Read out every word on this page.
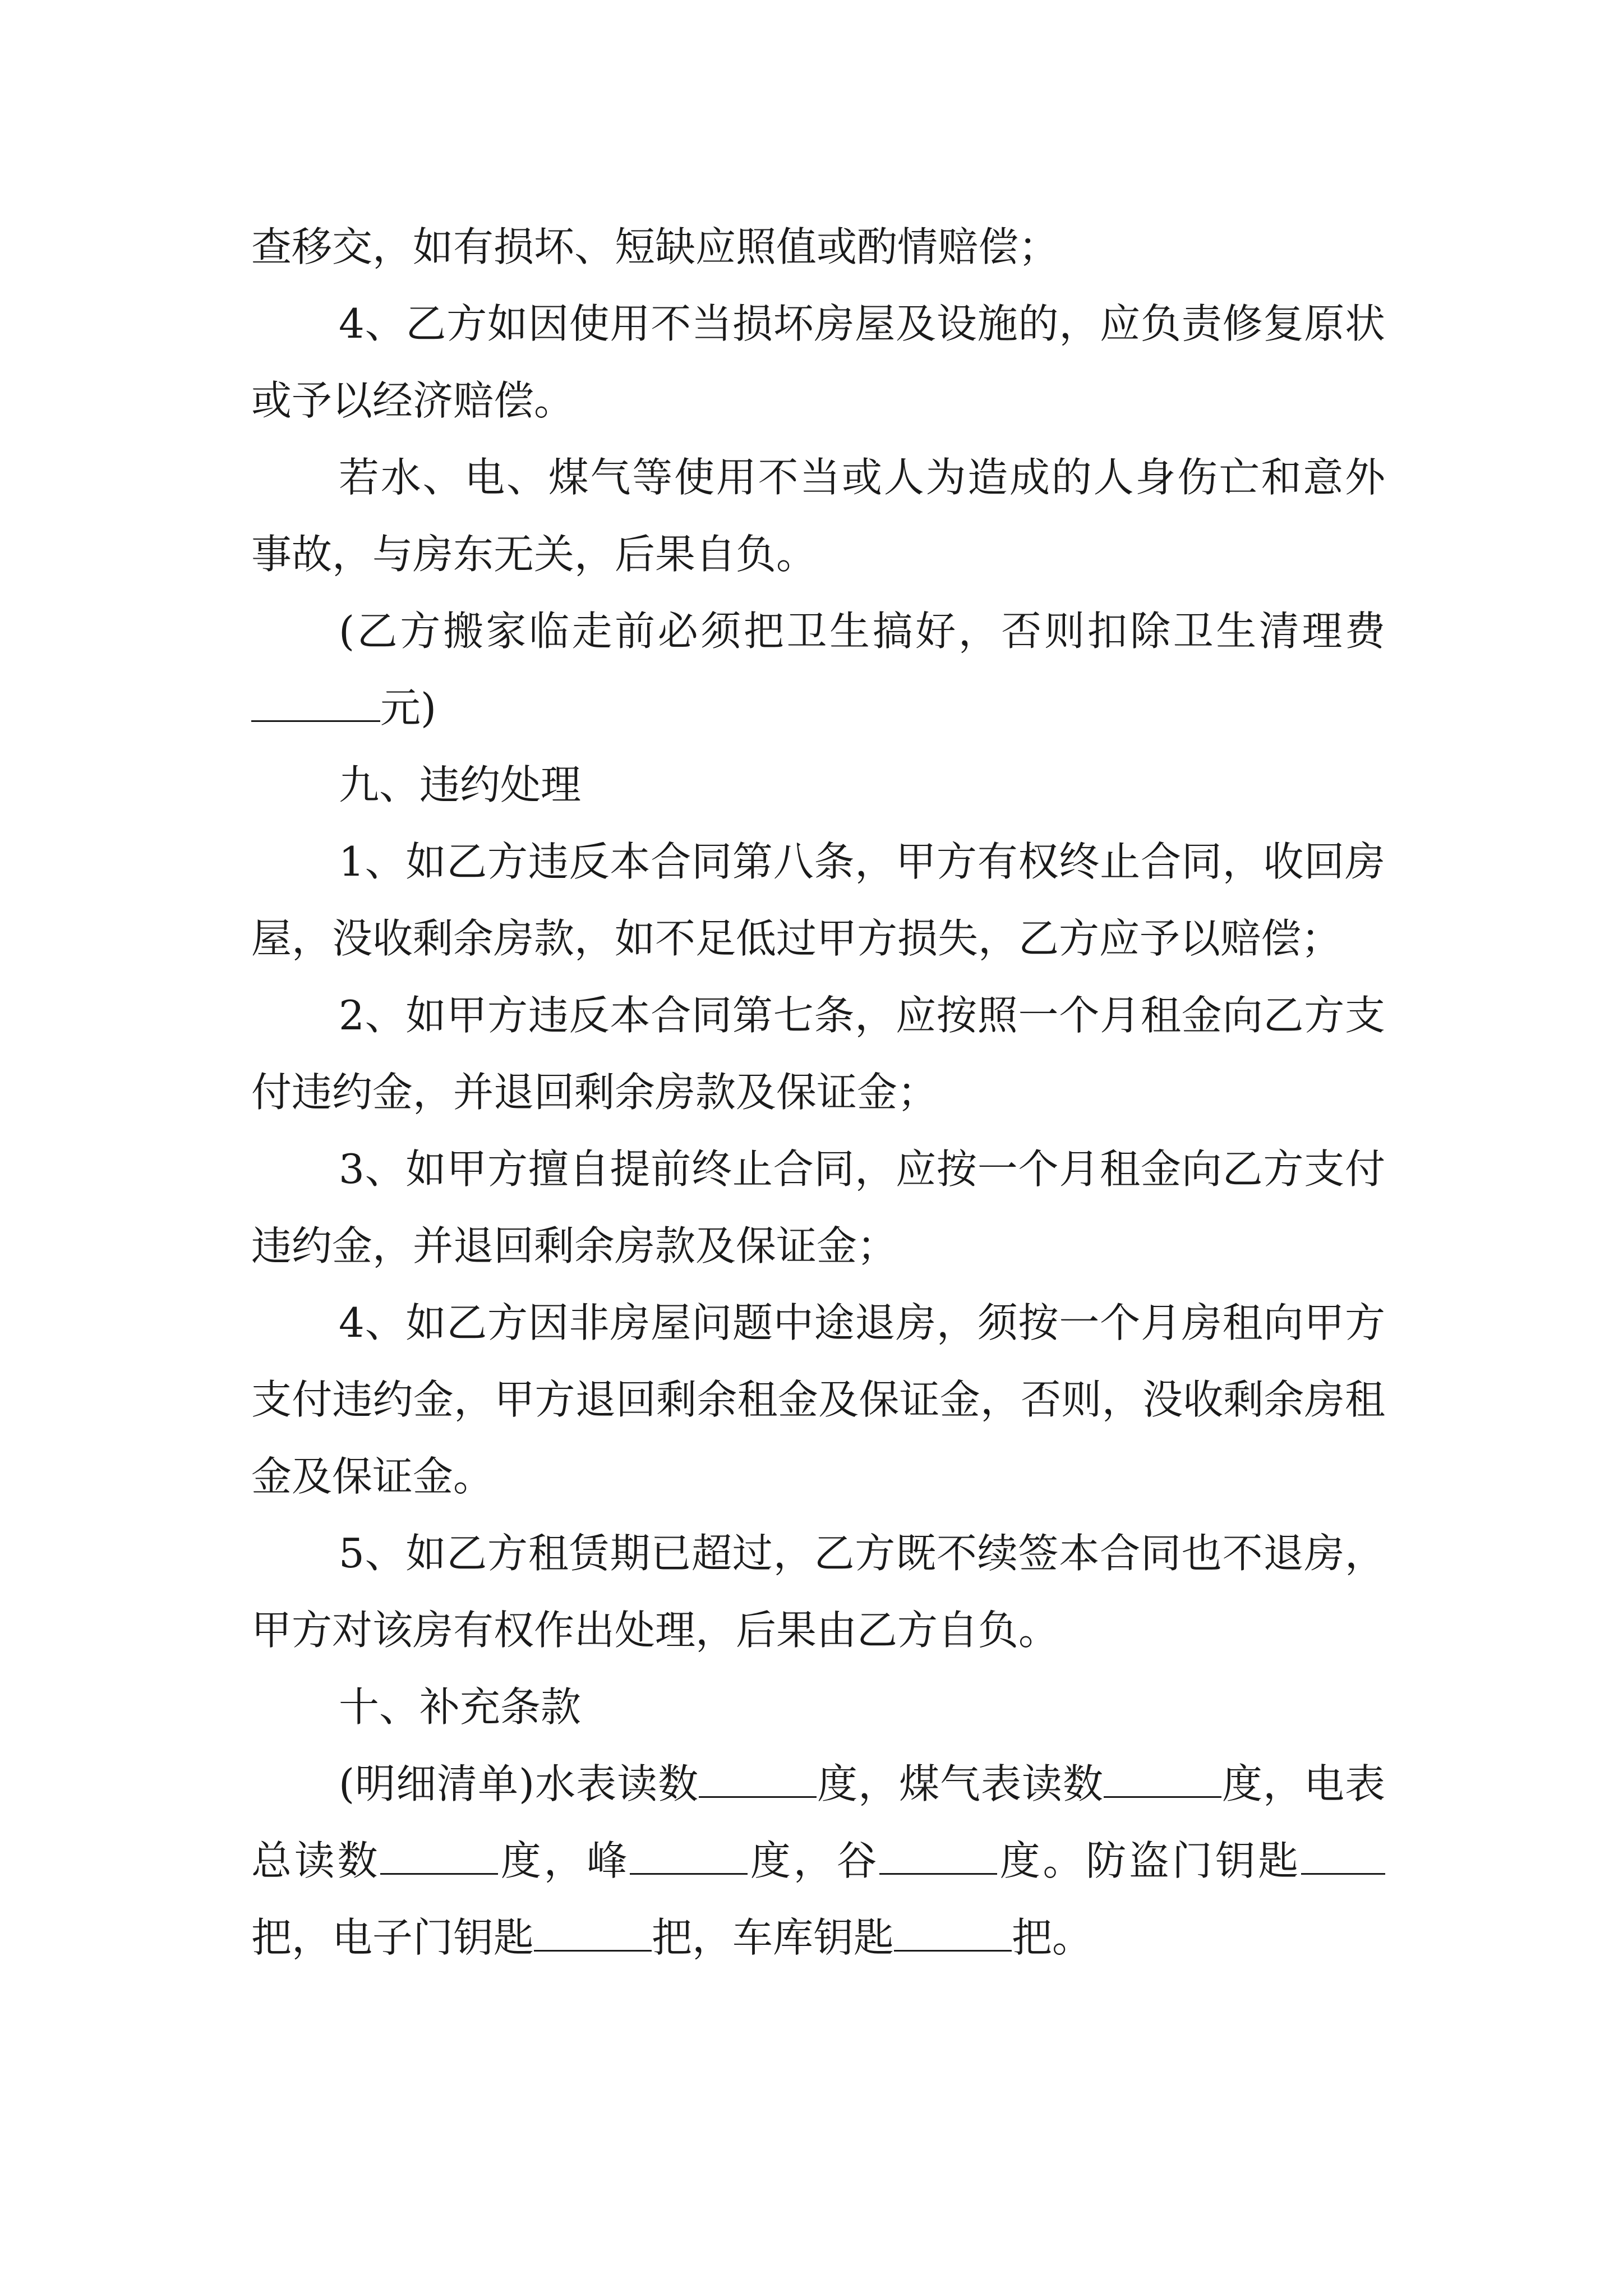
查移交，如有损坏、短缺应照值或酌情赔偿；

4、乙方如因使用不当损坏房屋及设施的，应负责修复原状或予以经济赔偿。

若水、电、煤气等使用不当或人为造成的人身伤亡和意外事故，与房东无关，后果自负。

(乙方搬家临走前必须把卫生搞好，否则扣除卫生清理费元)

九、违约处理

1、如乙方违反本合同第八条，甲方有权终止合同，收回房屋，没收剩余房款，如不足低过甲方损失，乙方应予以赔偿；

2、如甲方违反本合同第七条，应按照一个月租金向乙方支付违约金，并退回剩余房款及保证金；

3、如甲方擅自提前终止合同，应按一个月租金向乙方支付违约金，并退回剩余房款及保证金；

4、如乙方因非房屋问题中途退房，须按一个月房租向甲方支付违约金，甲方退回剩余租金及保证金，否则，没收剩余房租金及保证金。

5、如乙方租赁期已超过，乙方既不续签本合同也不退房，甲方对该房有权作出处理，后果由乙方自负。

十、补充条款

(明细清单)水表读数	度，煤气表读数	度，电表总读数	度，峰	度，谷	度。防盗门钥匙把，电子门钥匙	把，车库钥匙	把。
